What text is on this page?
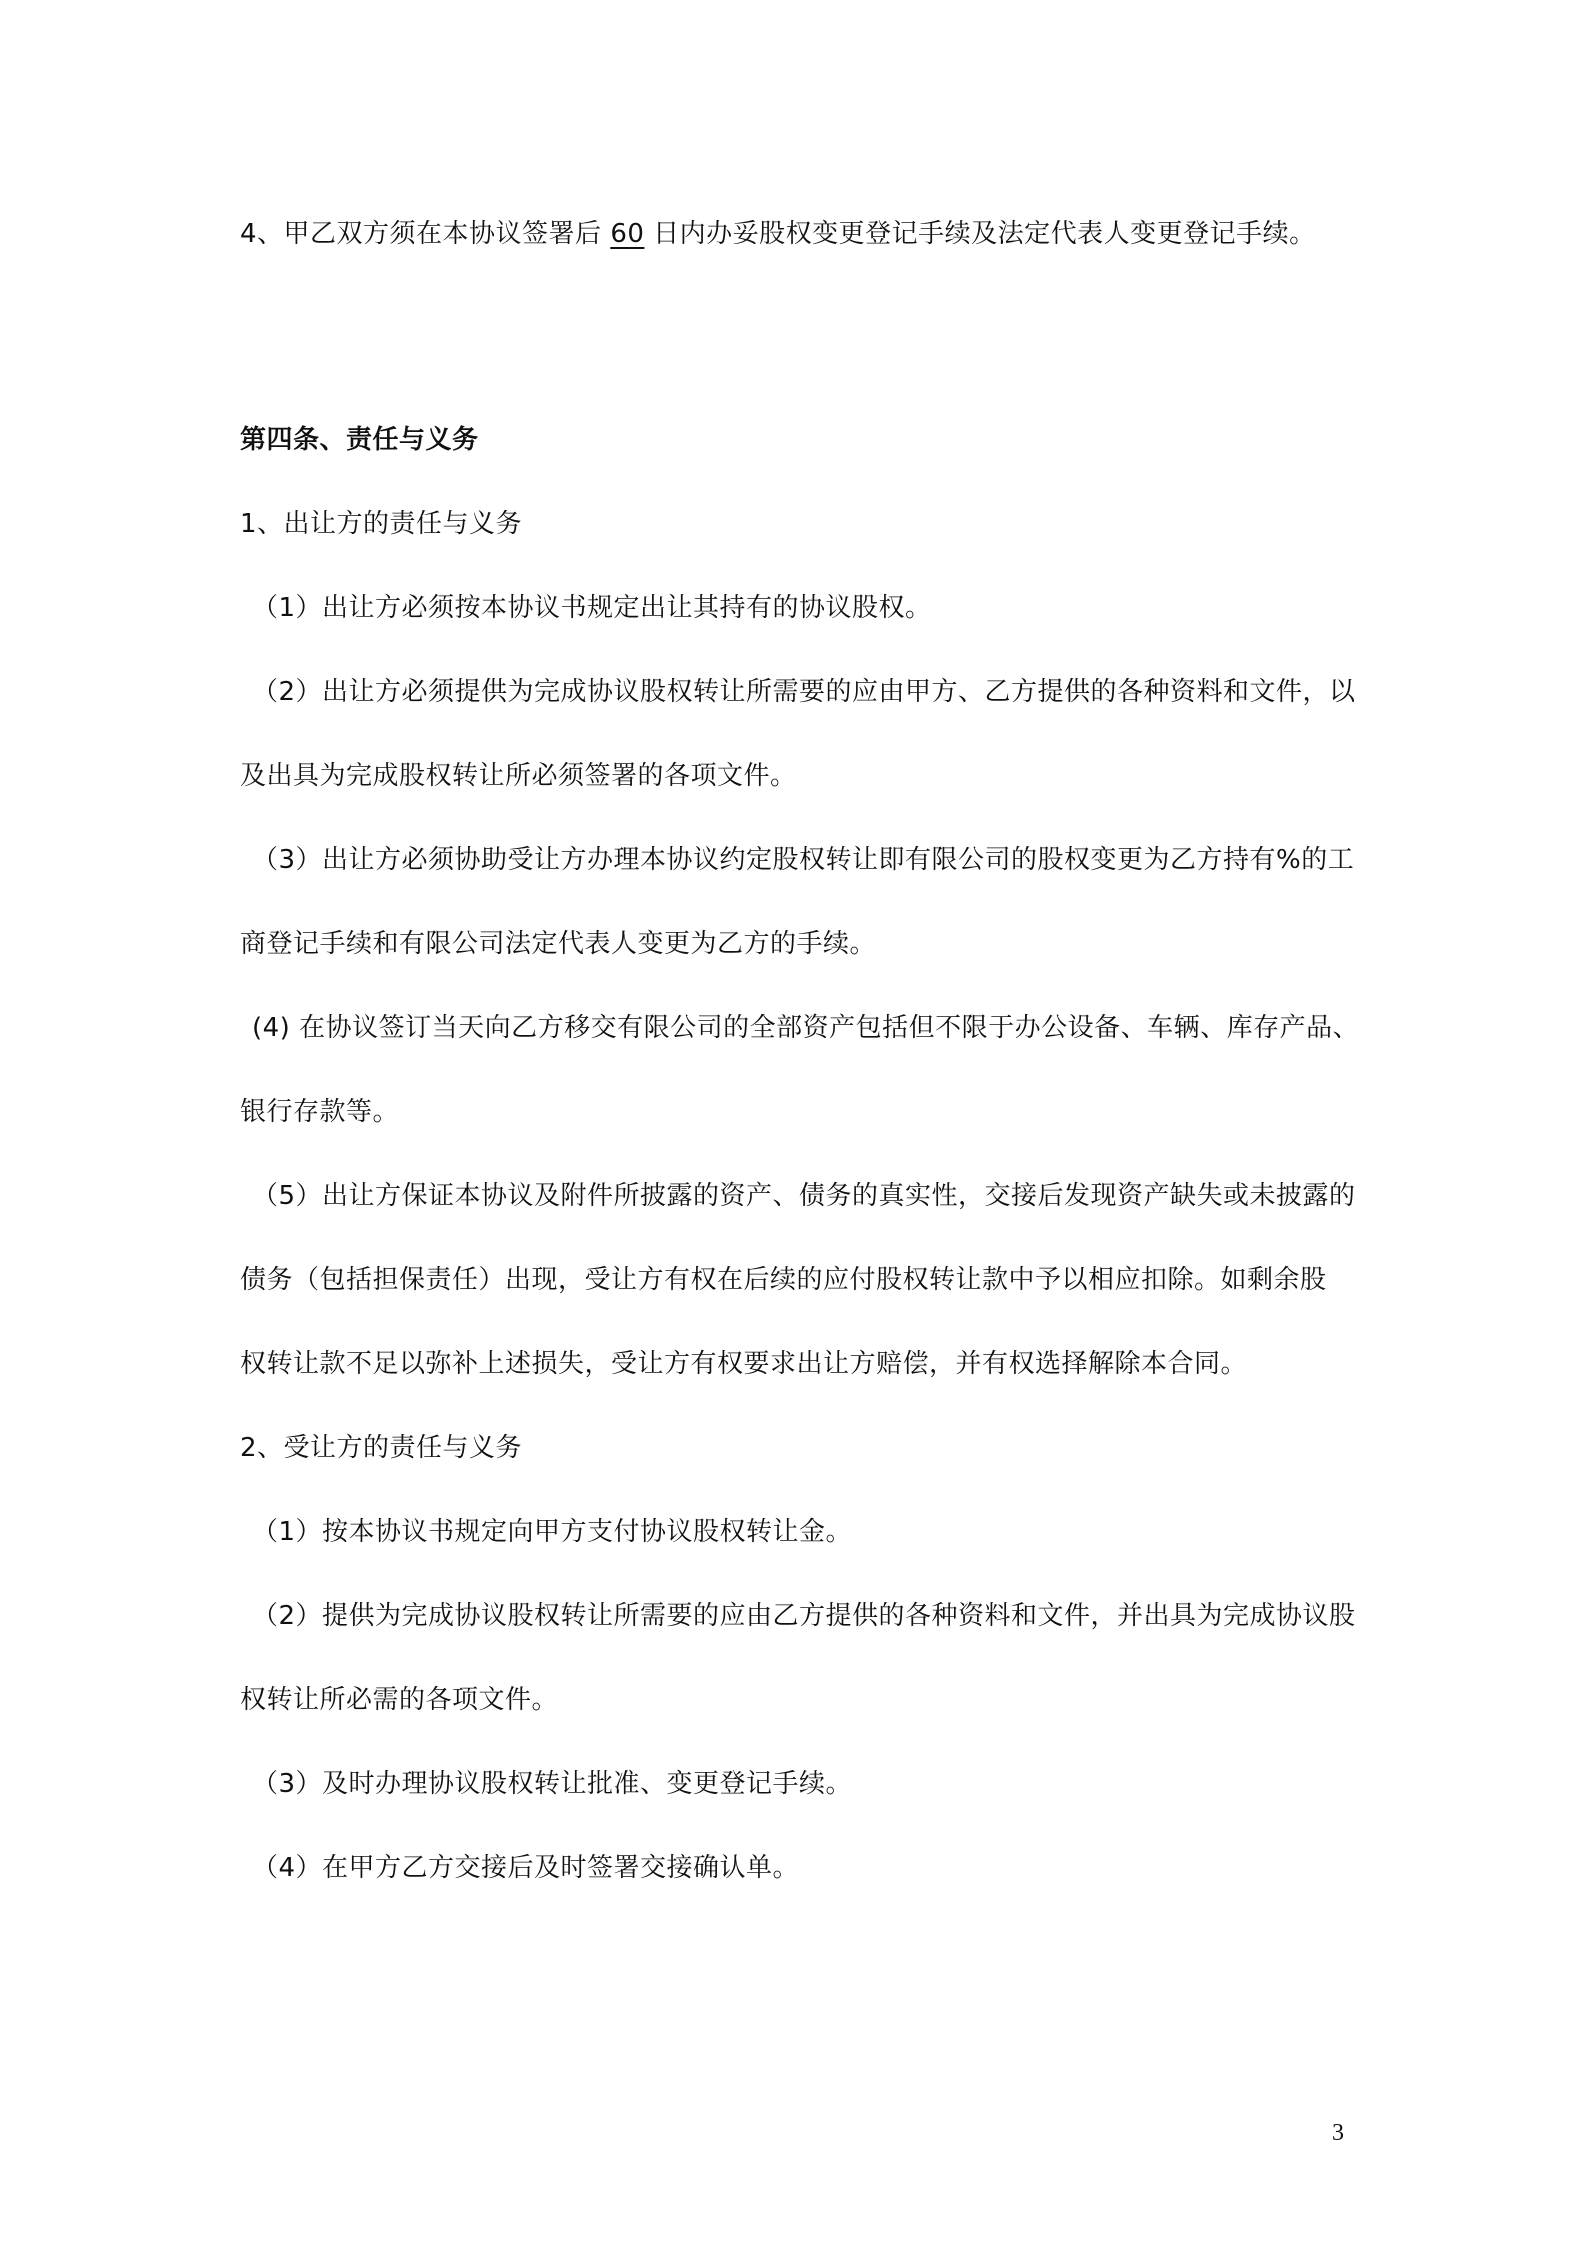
4、甲乙双方须在本协议签署后 60 日内办妥股权变更登记手续及法定代表人变更登记手续。
第四条、责任与义务
1、出让方的责任与义务
（1）出让方必须按本协议书规定出让其持有的协议股权。
（2）出让方必须提供为完成协议股权转让所需要的应由甲方、乙方提供的各种资料和文件，以
及出具为完成股权转让所必须签署的各项文件。
（3）出让方必须协助受让方办理本协议约定股权转让即有限公司的股权变更为乙方持有%的工
商登记手续和有限公司法定代表人变更为乙方的手续。
(4) 在协议签订当天向乙方移交有限公司的全部资产包括但不限于办公设备、车辆、库存产品、
银行存款等。
（5）出让方保证本协议及附件所披露的资产、债务的真实性，交接后发现资产缺失或未披露的
债务（包括担保责任）出现，受让方有权在后续的应付股权转让款中予以相应扣除。如剩余股
权转让款不足以弥补上述损失，受让方有权要求出让方赔偿，并有权选择解除本合同。
2、受让方的责任与义务
（1）按本协议书规定向甲方支付协议股权转让金。
（2）提供为完成协议股权转让所需要的应由乙方提供的各种资料和文件，并出具为完成协议股
权转让所必需的各项文件。
（3）及时办理协议股权转让批准、变更登记手续。
（4）在甲方乙方交接后及时签署交接确认单。
3
